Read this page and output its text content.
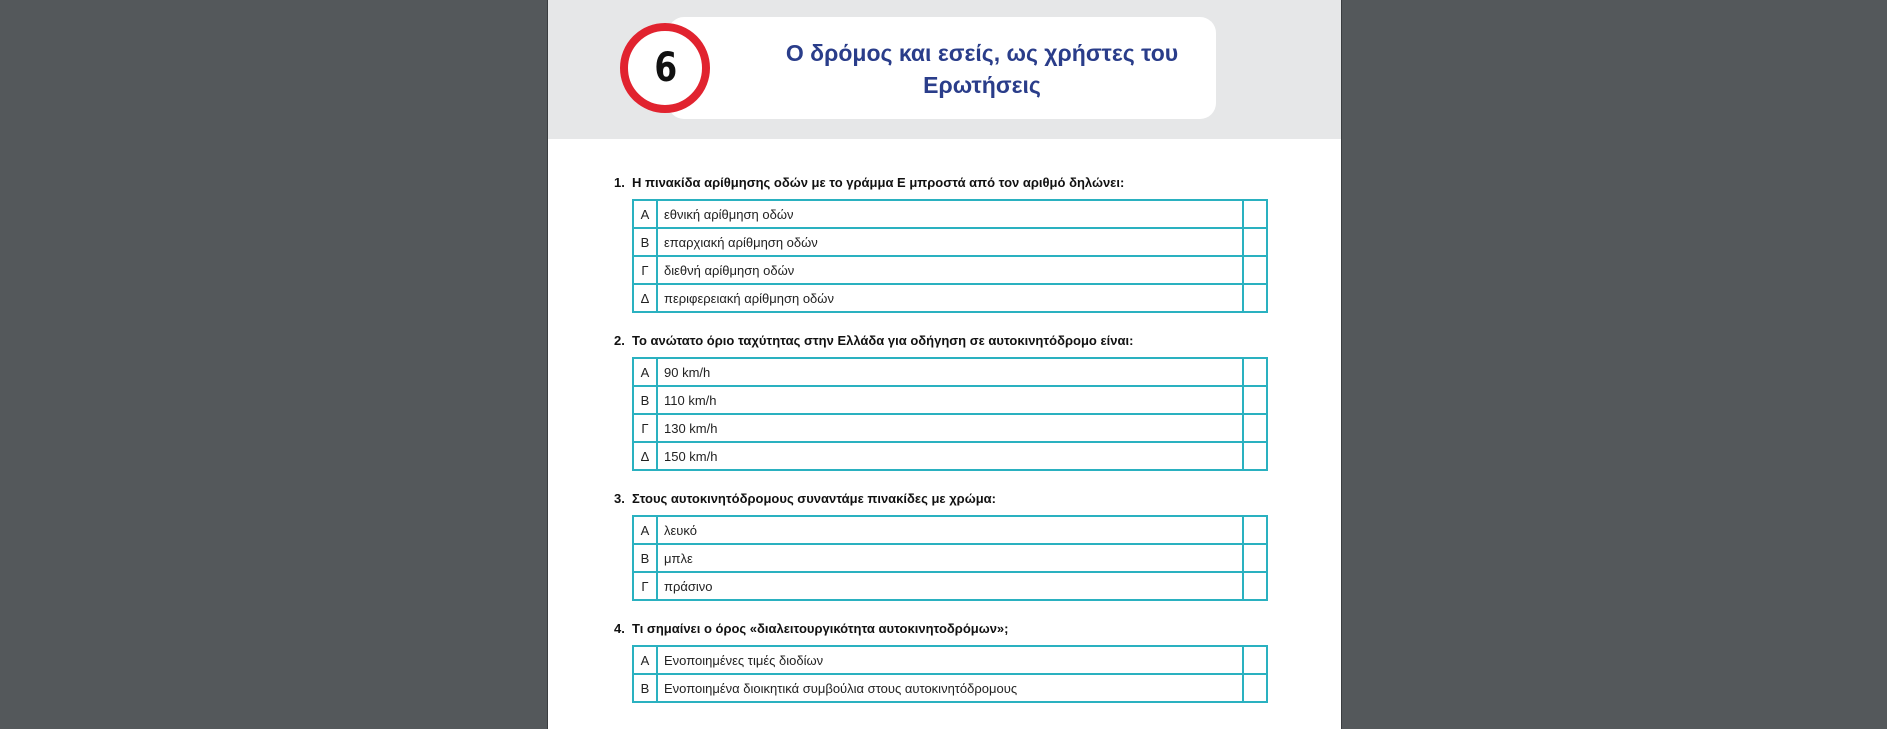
Ο δρόμος και εσείς, ως χρήστες του
Ερωτήσεις
6
1. Η πινακίδα αρίθμησης οδών με το γράμμα Ε μπροστά από τον αριθμό δηλώνει:
Α	εθνική αρίθμηση οδών	
Β	επαρχιακή αρίθμηση οδών	
Γ	διεθνή αρίθμηση οδών	
Δ	περιφερειακή αρίθμηση οδών	
2. Το ανώτατο όριο ταχύτητας στην Ελλάδα για οδήγηση σε αυτοκινητόδρομο είναι:
Α	90 km/h	
Β	110 km/h	
Γ	130 km/h	
Δ	150 km/h	
3. Στους αυτοκινητόδρομους συναντάμε πινακίδες με χρώμα:
Α	λευκό	
Β	μπλε	
Γ	πράσινο	
4. Τι σημαίνει ο όρος «διαλειτουργικότητα αυτοκινητοδρόμων»;
Α	Ενοποιημένες τιμές διοδίων	
Β	Ενοποιημένα διοικητικά συμβούλια στους αυτοκινητόδρομους	
